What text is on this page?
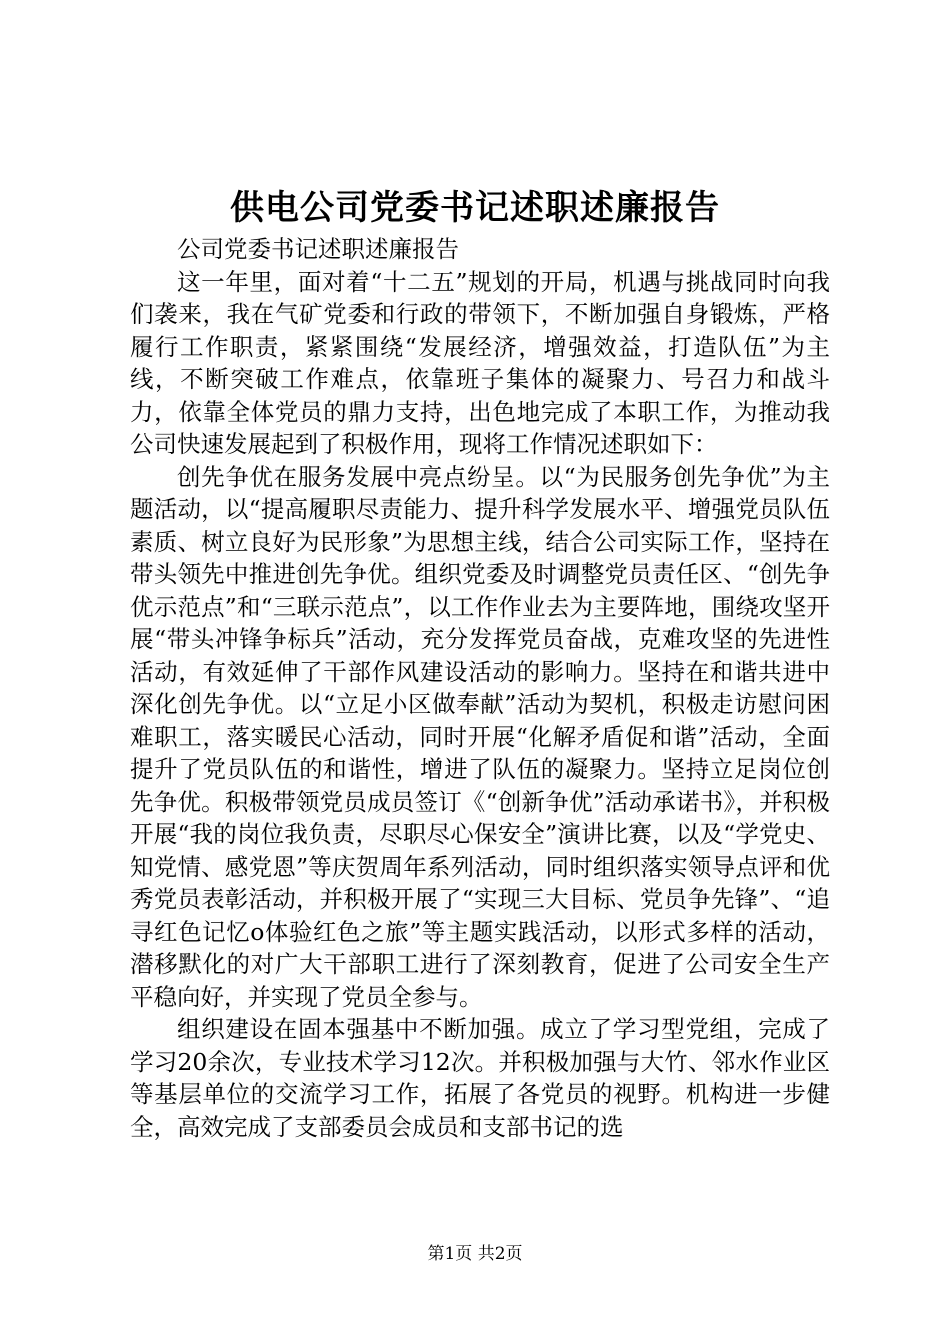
供电公司党委书记述职述廉报告

公司党委书记述职述廉报告

这一年里，面对着“十二五”规划的开局，机遇与挑战同时向我们袭来，我在气矿党委和行政的带领下，不断加强自身锻炼，严格履行工作职责，紧紧围绕“发展经济，增强效益，打造队伍”为主线，不断突破工作难点，依靠班子集体的凝聚力、号召力和战斗力，依靠全体党员的鼎力支持，出色地完成了本职工作，为推动我公司快速发展起到了积极作用，现将工作情况述职如下：

创先争优在服务发展中亮点纷呈。以“为民服务创先争优”为主题活动，以“提高履职尽责能力、提升科学发展水平、增强党员队伍素质、树立良好为民形象”为思想主线，结合公司实际工作，坚持在带头领先中推进创先争优。组织党委及时调整党员责任区、“创先争优示范点”和“三联示范点”，以工作作业去为主要阵地，围绕攻坚开展“带头冲锋争标兵”活动，充分发挥党员奋战，克难攻坚的先进性活动，有效延伸了干部作风建设活动的影响力。坚持在和谐共进中深化创先争优。以“立足小区做奉献”活动为契机，积极走访慰问困难职工，落实暖民心活动，同时开展“化解矛盾促和谐”活动，全面提升了党员队伍的和谐性，增进了队伍的凝聚力。坚持立足岗位创先争优。积极带领党员成员签订《“创新争优”活动承诺书》，并积极开展“我的岗位我负责，尽职尽心保安全”演讲比赛，以及“学党史、知党情、感党恩”等庆贺周年系列活动，同时组织落实领导点评和优秀党员表彰活动，并积极开展了“实现三大目标、党员争先锋”、“追寻红色记忆o体验红色之旅”等主题实践活动，以形式多样的活动，潜移默化的对广大干部职工进行了深刻教育，促进了公司安全生产平稳向好，并实现了党员全参与。

组织建设在固本强基中不断加强。成立了学习型党组，完成了学习20余次，专业技术学习12次。并积极加强与大竹、邻水作业区等基层单位的交流学习工作，拓展了各党员的视野。机构进一步健全，高效完成了支部委员会成员和支部书记的选

第1页 共2页
